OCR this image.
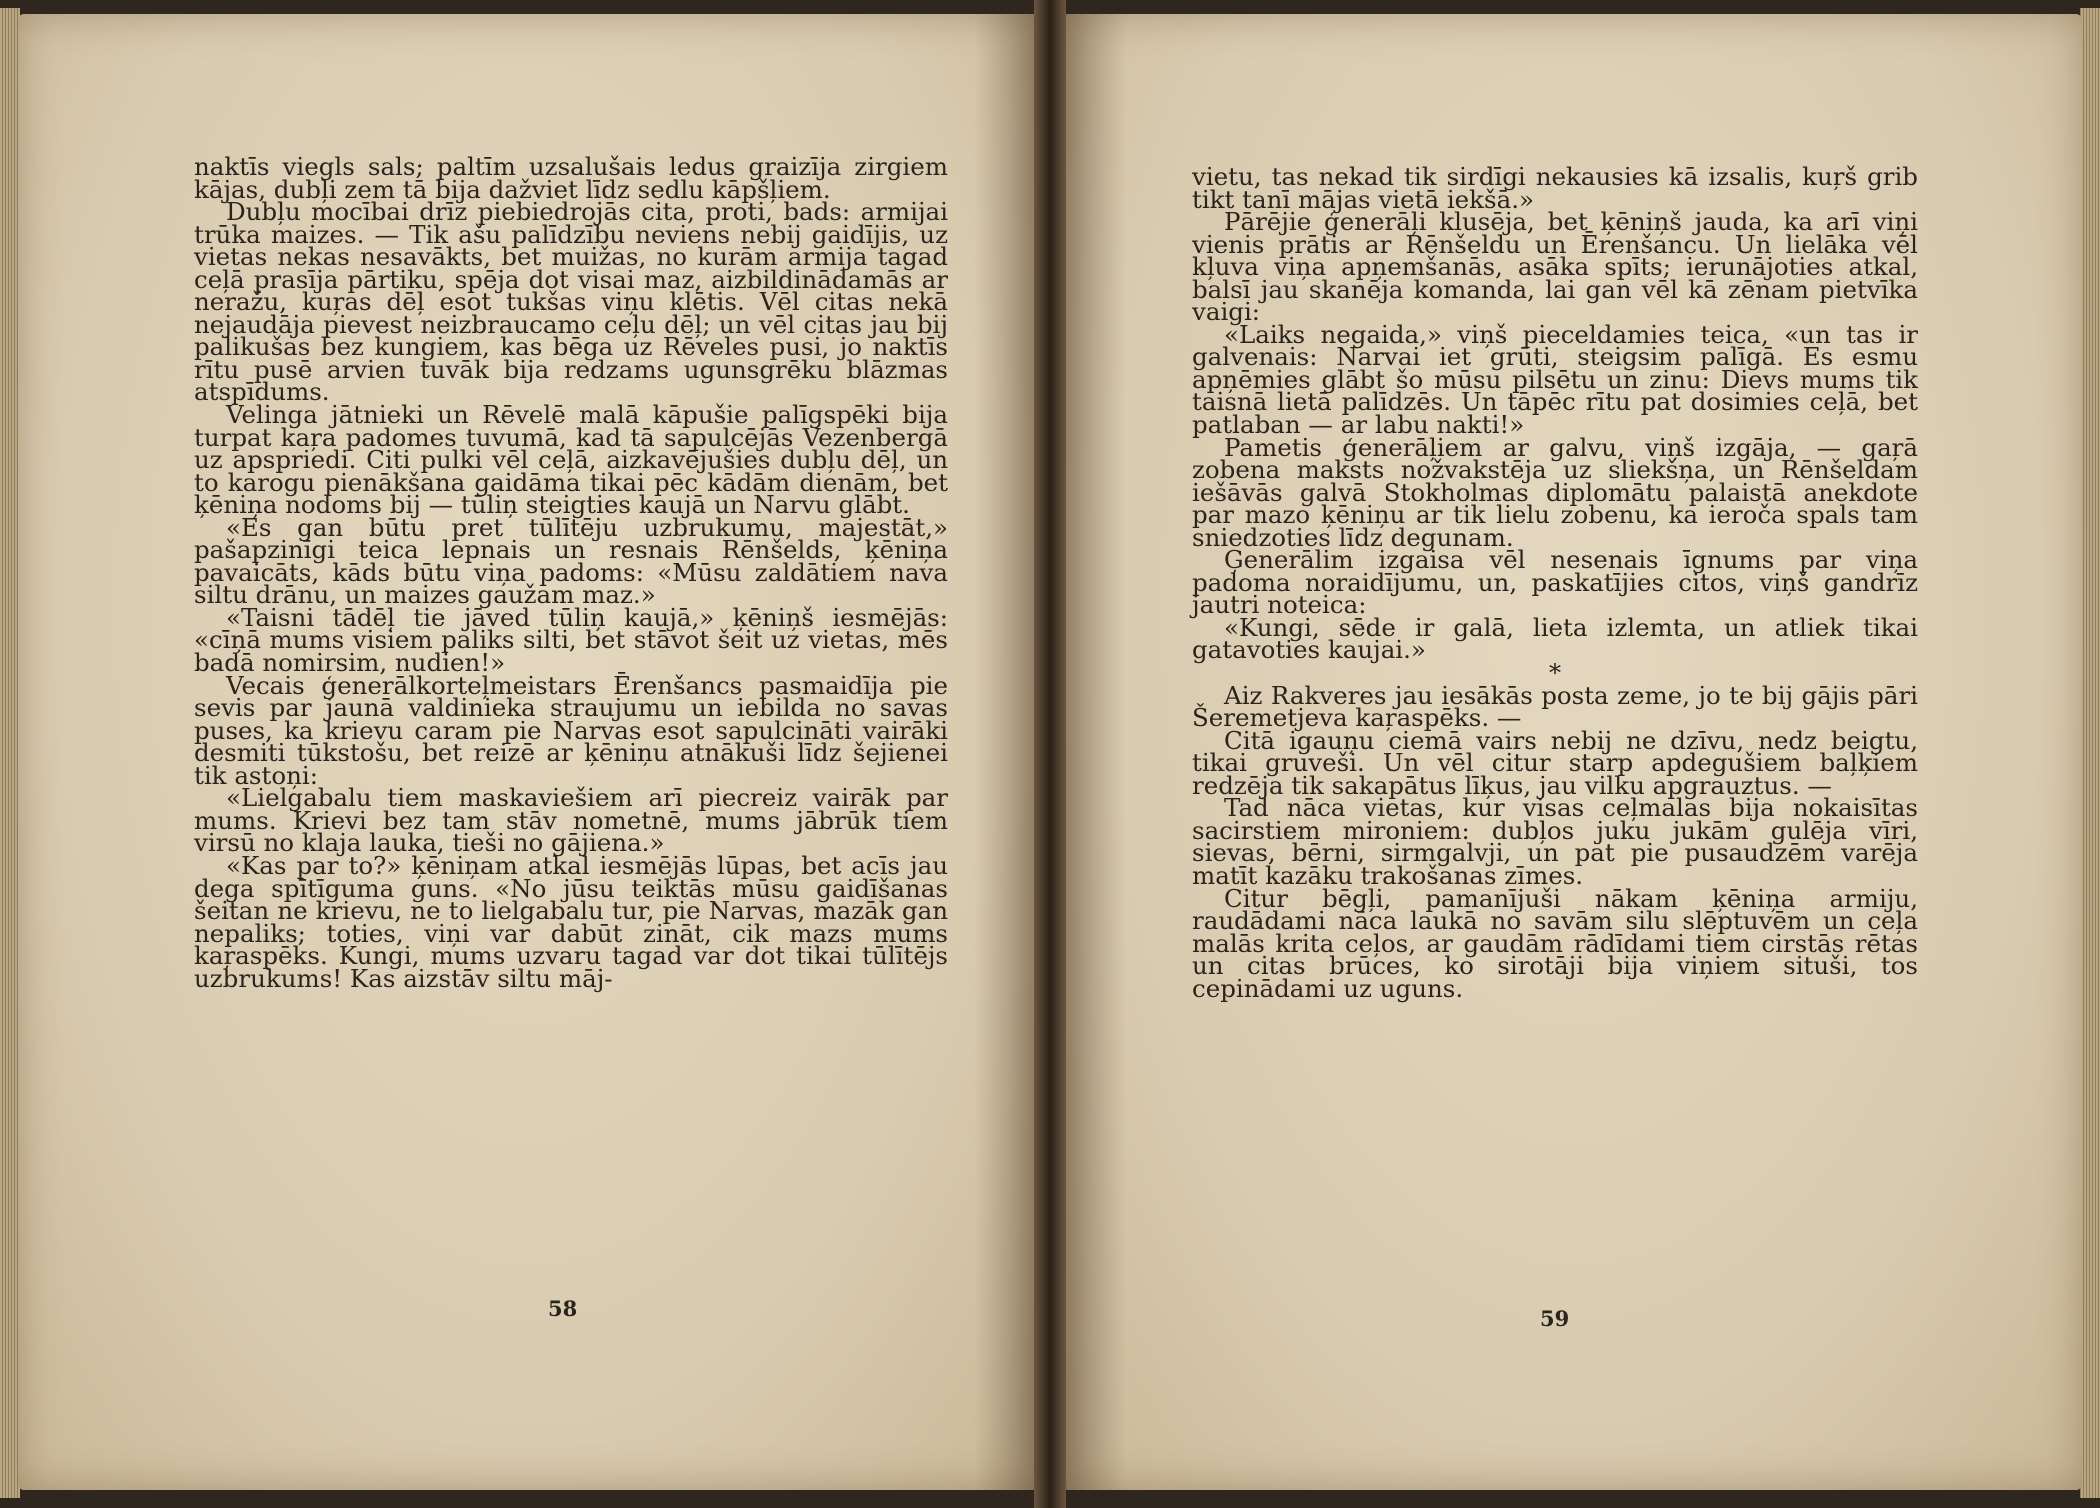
naktīs viegls sals; paltīm uzsalušais ledus graizīja zirgiem kājas, dubļi zem tā bija dažviet līdz sedlu kāpšļiem.

Dubļu mocībai drīz piebiedrojās cita, proti, bads: armijai trūka maizes. — Tik ašu palīdzību neviens nebij gaidījis, uz vietas nekas nesavākts, bet muižas, no kurām armija tagad ceļā prasīja pārtiku, spēja dot visai maz, aizbildinādamās ar neražu, kuŗas dēļ esot tukšas viņu klētis. Vēl citas nekā nejaudāja pievest neizbraucamo ceļu dēļ; un vēl citas jau bij palikušas bez kungiem, kas bēga uz Rēveles pusi, jo naktīs rītu pusē arvien tuvāk bija redzams ugunsgrēku blāzmas atspīdums.

Velinga jātnieki un Rēvelē malā kāpušie palīgspēki bija turpat kaŗa padomes tuvumā, kad tā sapulcējās Vezenbergā uz apspriedi. Citi pulki vēl ceļā, aizkavējušies dubļu dēļ, un to karogu pienākšana gaidāma tikai pēc kādām dienām, bet ķēniņa nodoms bij — tūliņ steigties kaujā un Narvu glābt.

«Es gan būtu pret tūlītēju uzbrukumu, majestāt,» pašapzinīgi teica lepnais un resnais Rēnšelds, ķēniņa pavaicāts, kāds būtu viņa padoms: «Mūsu zaldātiem nava siltu drānu, un maizes gaužam maz.»

«Taisni tādēļ tie jāved tūliņ kaujā,» ķēniņš iesmējās: «cīņā mums visiem paliks silti, bet stāvot šeit uz vietas, mēs badā nomirsim, nudien!»

Vecais ģenerālkorteļmeistars Ērenšancs pasmaidīja pie sevis par jaunā valdinieka straujumu un iebilda no savas puses, ka krievu caram pie Narvas esot sapulcināti vairāki desmiti tūkstošu, bet reizē ar ķēniņu atnākuši līdz šejienei tik astoņi:

«Lielgabalu tiem maskaviešiem arī piecreiz vairāk par mums. Krievi bez tam stāv nometnē, mums jābrūk tiem virsū no klaja lauka, tieši no gājiena.»

«Kas par to?» ķēniņam atkal iesmējās lūpas, bet acīs jau dega spītīguma guns. «No jūsu teiktās mūsu gaidīšanas šeitan ne krievu, ne to lielgabalu tur, pie Narvas, mazāk gan nepaliks; toties, viņi var dabūt zināt, cik mazs mums kaŗaspēks. Kungi, mums uzvaru tagad var dot tikai tūlītējs uzbrukums! Kas aizstāv siltu māj-

58

vietu, tas nekad tik sirdīgi nekausies kā izsalis, kuŗš grib tikt tanī mājas vietā iekšā.»

Pārējie ģenerāļi klusēja, bet ķēniņš jauda, ka arī viņi vienis prātis ar Rēnšeldu un Ērenšancu. Un lielāka vēl kļuva viņa apņemšanās, asāka spīts; ierunājoties atkal, balsī jau skanēja komanda, lai gan vēl kā zēnam pietvīka vaigi:

«Laiks negaida,» viņš pieceldamies teica, «un tas ir galvenais: Narvai iet grūti, steigsim palīgā. Es esmu apņēmies glābt šo mūsu pilsētu un zinu: Dievs mums tik taisnā lietā palīdzēs. Un tāpēc rītu pat dosimies ceļā, bet patlaban — ar labu nakti!»

Pametis ģenerāļiem ar galvu, viņš izgāja, — gaŗā zobena maksts nožvakstēja uz sliekšņa, un Rēnšeldam iešāvās galvā Stokholmas diplomātu palaistā anekdote par mazo ķēniņu ar tik lielu zobenu, ka ieroča spals tam sniedzoties līdz degunam.

Ģenerālim izgaisa vēl nesenais īgnums par viņa padoma noraidījumu, un, paskatījies citos, viņš gandrīz jautri noteica:

«Kungi, sēde ir galā, lieta izlemta, un atliek tikai gatavoties kaujai.»

*

Aiz Rakveres jau iesākās posta zeme, jo te bij gājis pāri Šeremetjeva kaŗaspēks. —

Citā igauņu ciemā vairs nebij ne dzīvu, nedz beigtu, tikai gruveši. Un vēl citur starp apdegušiem baļķiem redzēja tik sakapātus līķus, jau vilku apgrauztus. —

Tad nāca vietas, kur visas ceļmalas bija nokaisītas sacirstiem mironiem: dubļos juku jukām gulēja vīri, sievas, bērni, sirmgalvji, un pat pie pusaudzēm varēja matīt kazāku trakošanas zīmes.

Citur bēgļi, pamanījuši nākam ķēniņa armiju, raudādami nāca laukā no savām silu slēptuvēm un ceļa malās krita ceļos, ar gaudām rādīdami tiem cirstās rētas un citas brūces, ko sirotāji bija viņiem situši, tos cepinādami uz uguns.

59
